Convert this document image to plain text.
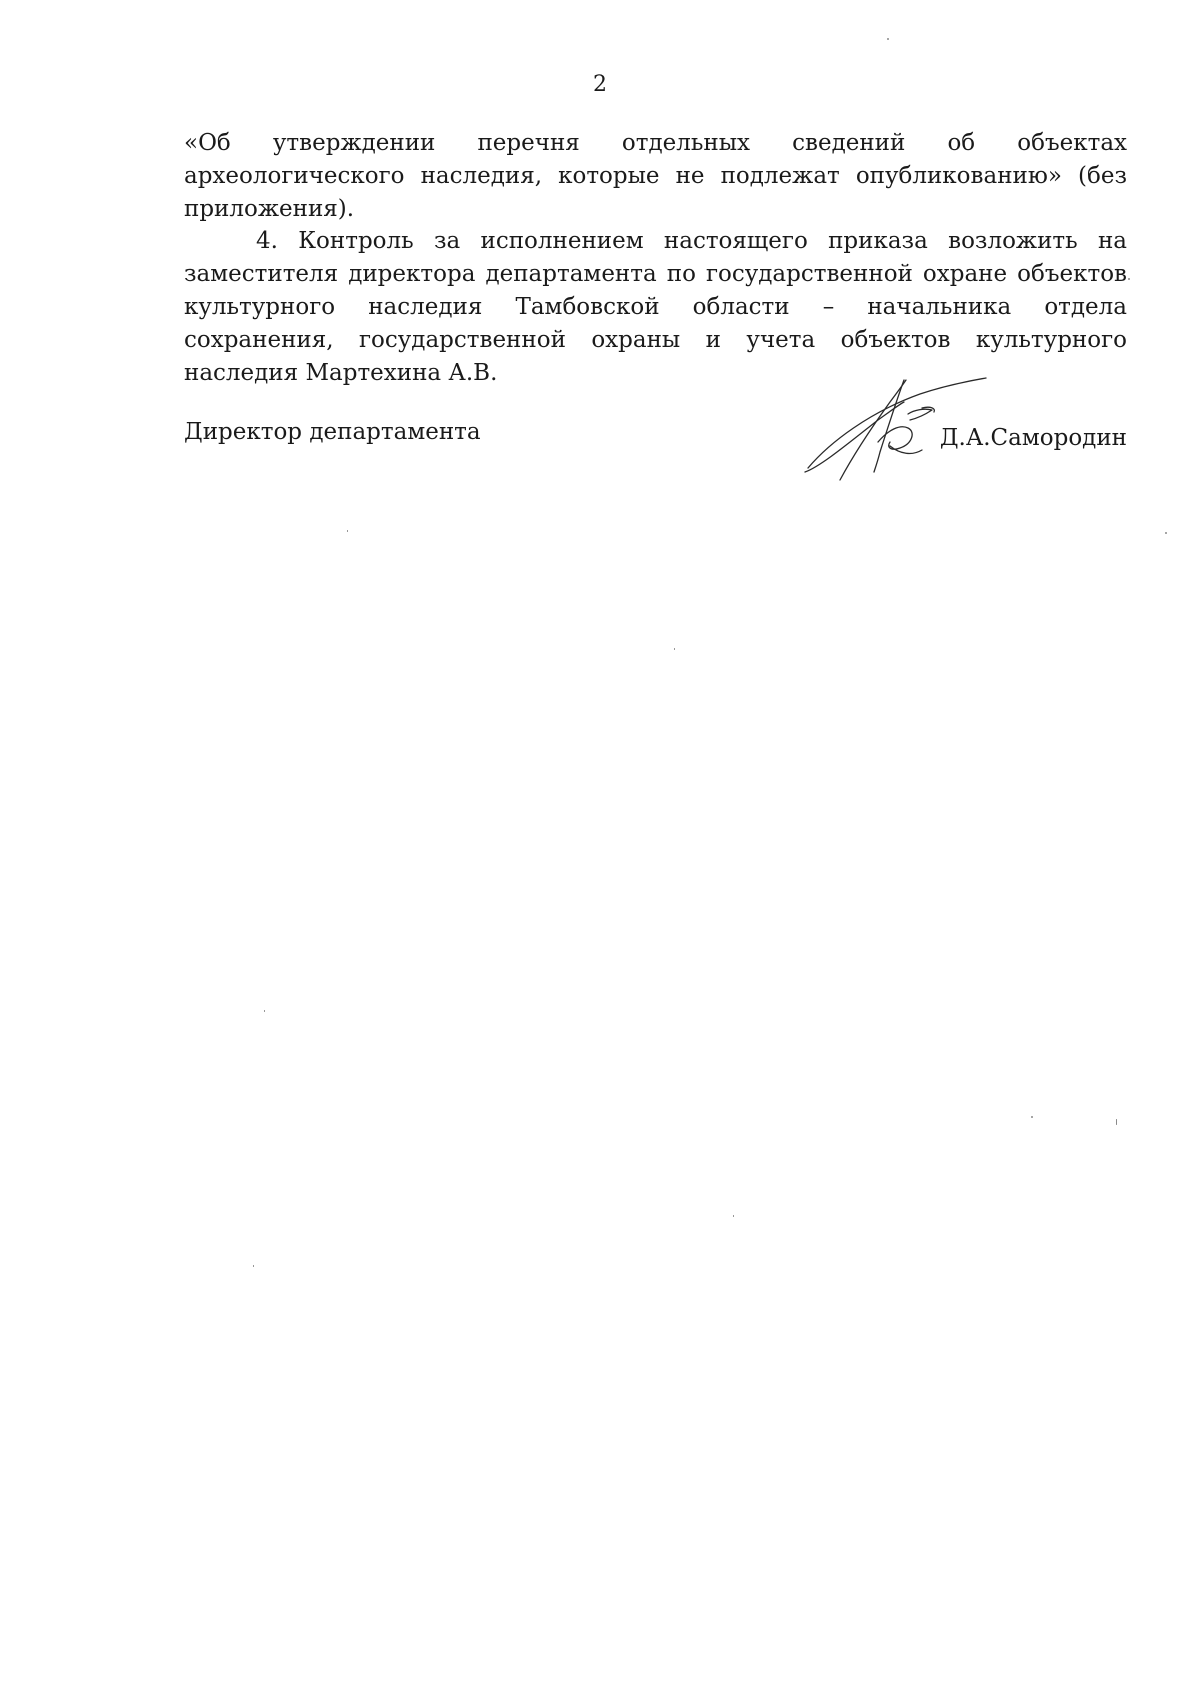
2

«Об утверждении перечня отдельных сведений об объектах археологического наследия, которые не подлежат опубликованию» (без приложения).

4. Контроль за исполнением настоящего приказа возложить на заместителя директора департамента по государственной охране объектов культурного наследия Тамбовской области – начальника отдела сохранения, государственной охраны и учета объектов культурного наследия Мартехина А.В.

Директор департамента	Д.А.Самородин
